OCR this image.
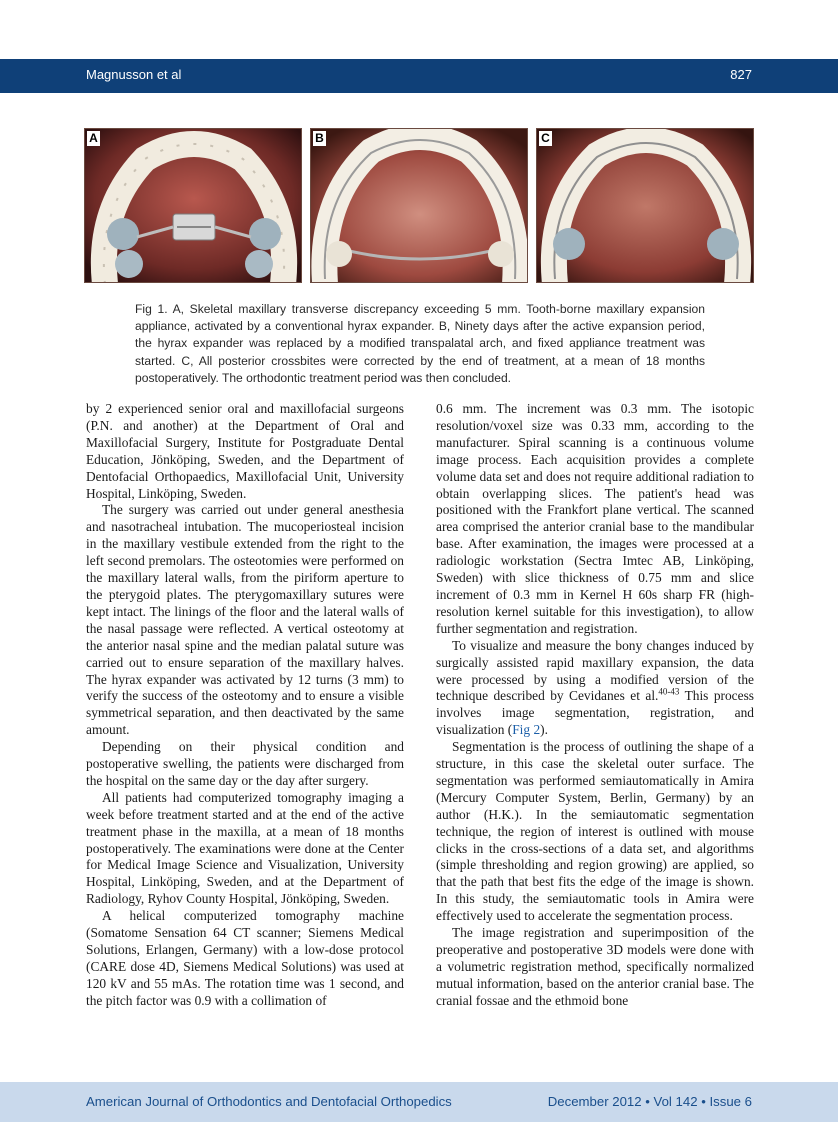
Magnusson et al	827
A	B	C
Fig 1. A, Skeletal maxillary transverse discrepancy exceeding 5 mm. Tooth-borne maxillary expansion appliance, activated by a conventional hyrax expander. B, Ninety days after the active expansion period, the hyrax expander was replaced by a modified transpalatal arch, and fixed appliance treatment was started. C, All posterior crossbites were corrected by the end of treatment, at a mean of 18 months postoperatively. The orthodontic treatment period was then concluded.

by 2 experienced senior oral and maxillofacial surgeons (P.N. and another) at the Department of Oral and Maxillofacial Surgery, Institute for Postgraduate Dental Education, Jönköping, Sweden, and the Department of Dentofacial Orthopaedics, Maxillofacial Unit, University Hospital, Linköping, Sweden.

The surgery was carried out under general anesthesia and nasotracheal intubation. The mucoperiosteal incision in the maxillary vestibule extended from the right to the left second premolars. The osteotomies were performed on the maxillary lateral walls, from the piriform aperture to the pterygoid plates. The pterygomaxillary sutures were kept intact. The linings of the floor and the lateral walls of the nasal passage were reflected. A vertical osteotomy at the anterior nasal spine and the median palatal suture was carried out to ensure separation of the maxillary halves. The hyrax expander was activated by 12 turns (3 mm) to verify the success of the osteotomy and to ensure a visible symmetrical separation, and then deactivated by the same amount.

Depending on their physical condition and postoperative swelling, the patients were discharged from the hospital on the same day or the day after surgery.

All patients had computerized tomography imaging a week before treatment started and at the end of the active treatment phase in the maxilla, at a mean of 18 months postoperatively. The examinations were done at the Center for Medical Image Science and Visualization, University Hospital, Linköping, Sweden, and at the Department of Radiology, Ryhov County Hospital, Jönköping, Sweden.

A helical computerized tomography machine (Somatome Sensation 64 CT scanner; Siemens Medical Solutions, Erlangen, Germany) with a low-dose protocol (CARE dose 4D, Siemens Medical Solutions) was used at 120 kV and 55 mAs. The rotation time was 1 second, and the pitch factor was 0.9 with a collimation of

0.6 mm. The increment was 0.3 mm. The isotopic resolution/voxel size was 0.33 mm, according to the manufacturer. Spiral scanning is a continuous volume image process. Each acquisition provides a complete volume data set and does not require additional radiation to obtain overlapping slices. The patient's head was positioned with the Frankfort plane vertical. The scanned area comprised the anterior cranial base to the mandibular base. After examination, the images were processed at a radiologic workstation (Sectra Imtec AB, Linköping, Sweden) with slice thickness of 0.75 mm and slice increment of 0.3 mm in Kernel H 60s sharp FR (high-resolution kernel suitable for this investigation), to allow further segmentation and registration.

To visualize and measure the bony changes induced by surgically assisted rapid maxillary expansion, the data were processed by using a modified version of the technique described by Cevidanes et al.$^{40-43}$ This process involves image segmentation, registration, and visualization (Fig 2).

Segmentation is the process of outlining the shape of a structure, in this case the skeletal outer surface. The segmentation was performed semiautomatically in Amira (Mercury Computer System, Berlin, Germany) by an author (H.K.). In the semiautomatic segmentation technique, the region of interest is outlined with mouse clicks in the cross-sections of a data set, and algorithms (simple thresholding and region growing) are applied, so that the path that best fits the edge of the image is shown. In this study, the semiautomatic tools in Amira were effectively used to accelerate the segmentation process.

The image registration and superimposition of the preoperative and postoperative 3D models were done with a volumetric registration method, specifically normalized mutual information, based on the anterior cranial base. The cranial fossae and the ethmoid bone

American Journal of Orthodontics and Dentofacial Orthopedics	December 2012 • Vol 142 • Issue 6
